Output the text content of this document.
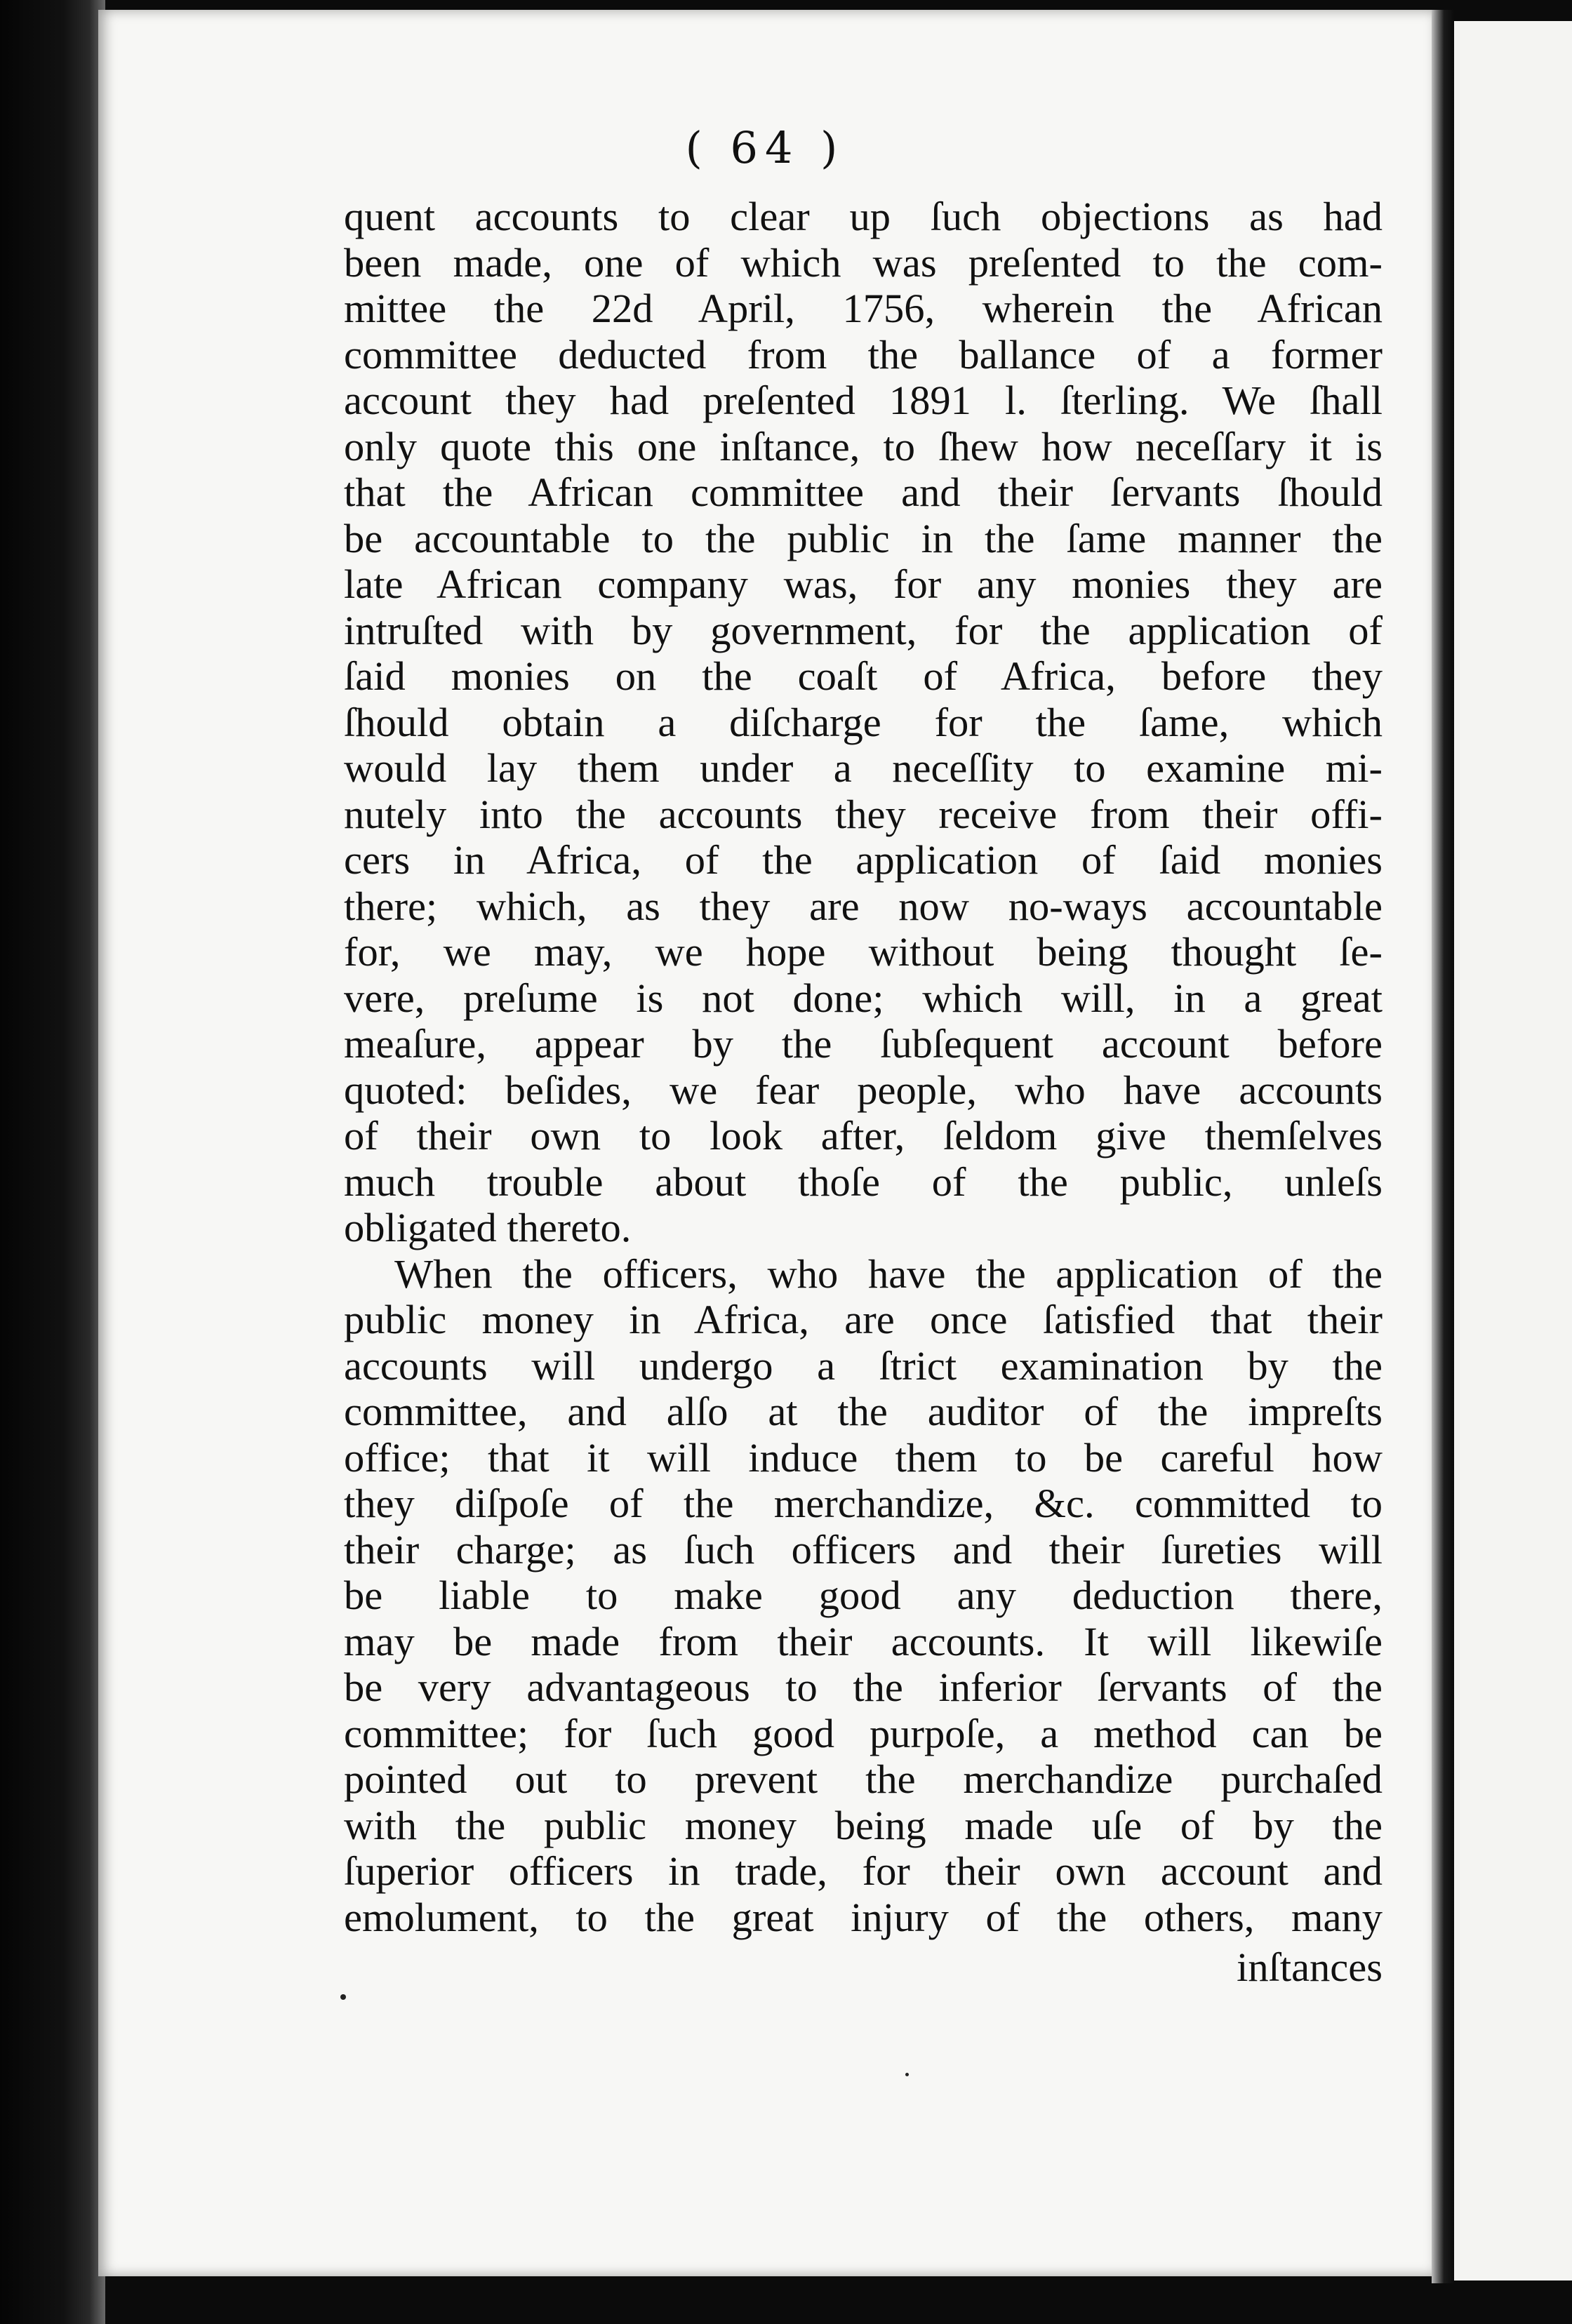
( 64 )
quent accounts to clear up ſuch objections as had
been made, one of which was preſented to the com-
mittee the 22d April, 1756, wherein the African
committee deducted from the ballance of a former
account they had preſented 1891 l. ſterling. We ſhall
only quote this one inſtance, to ſhew how neceſſary it is
that the African committee and their ſervants ſhould
be accountable to the public in the ſame manner the
late African company was, for any monies they are
intruſted with by government, for the application of
ſaid monies on the coaſt of Africa, before they
ſhould obtain a diſcharge for the ſame, which
would lay them under a neceſſity to examine mi-
nutely into the accounts they receive from their offi-
cers in Africa, of the application of ſaid monies
there; which, as they are now no-ways accountable
for, we may, we hope without being thought ſe-
vere, preſume is not done; which will, in a great
meaſure, appear by the ſubſequent account before
quoted: beſides, we fear people, who have accounts
of their own to look after, ſeldom give themſelves
much trouble about thoſe of the public, unleſs
obligated thereto.
When the officers, who have the application of the
public money in Africa, are once ſatisfied that their
accounts will undergo a ſtrict examination by the
committee, and alſo at the auditor of the impreſts
office; that it will induce them to be careful how
they diſpoſe of the merchandize, &c. committed to
their charge; as ſuch officers and their ſureties will
be liable to make good any deduction there,
may be made from their accounts. It will likewiſe
be very advantageous to the inferior ſervants of the
committee; for ſuch good purpoſe, a method can be
pointed out to prevent the merchandize purchaſed
with the public money being made uſe of by the
ſuperior officers in trade, for their own account and
emolument, to the great injury of the others, many
inſtances
